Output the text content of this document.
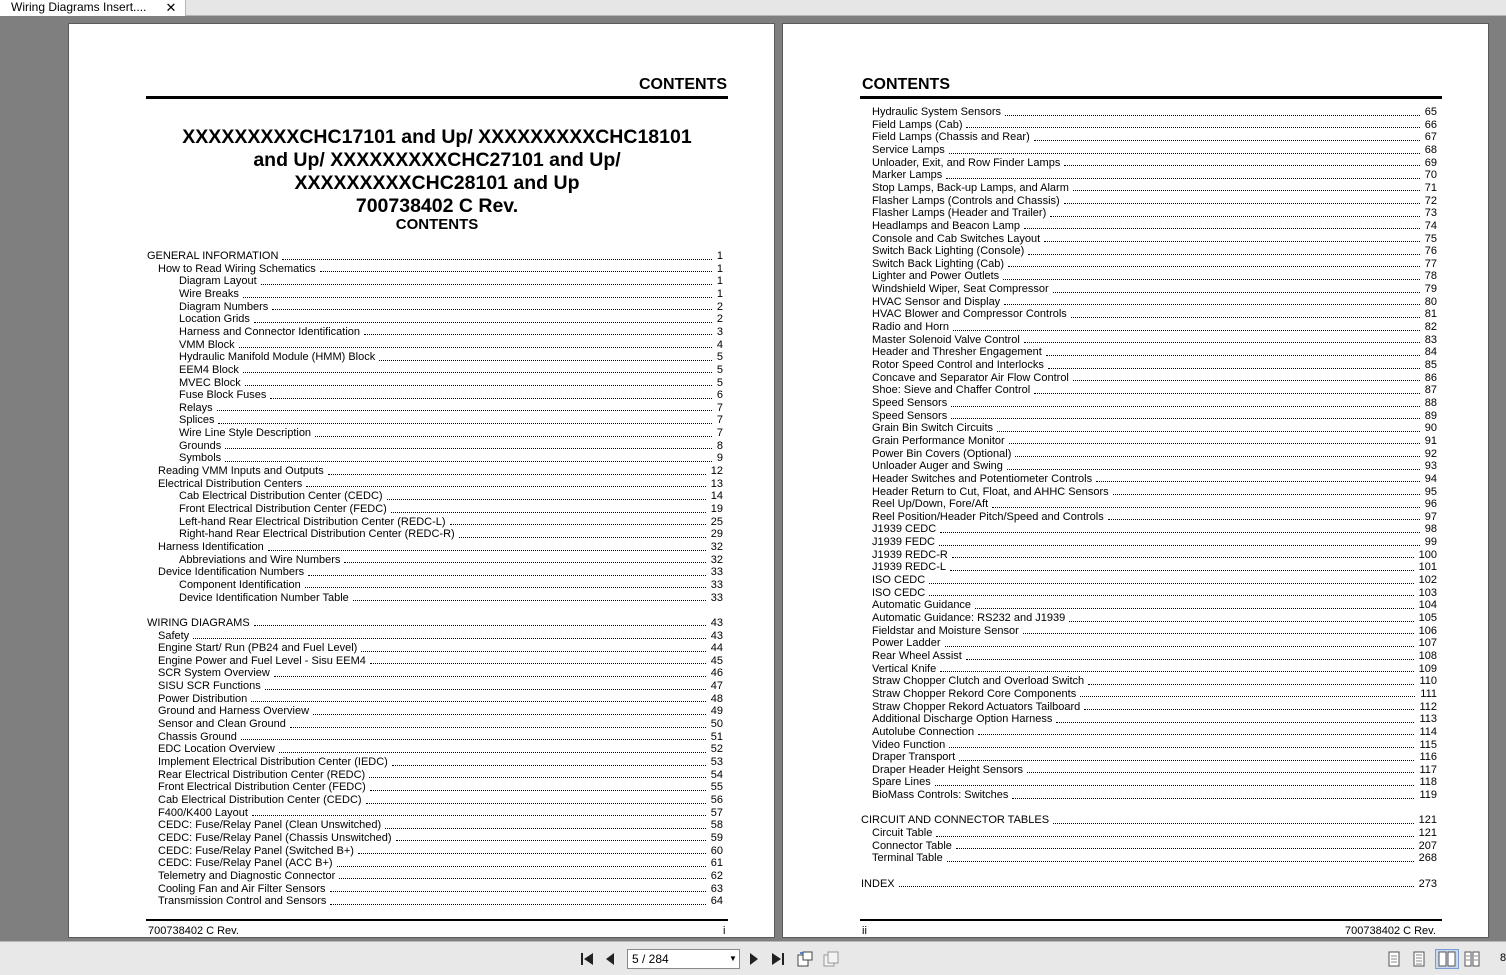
Wiring Diagrams Insert....	✕
CONTENTS
XXXXXXXXXCHC17101 and Up/ XXXXXXXXXCHC18101
and Up/ XXXXXXXXXCHC27101 and Up/
XXXXXXXXXCHC28101 and Up
700738402 C Rev.
CONTENTS
GENERAL INFORMATION	1
How to Read Wiring Schematics	1
Diagram Layout	1
Wire Breaks	1
Diagram Numbers	2
Location Grids	2
Harness and Connector Identification	3
VMM Block	4
Hydraulic Manifold Module (HMM) Block	5
EEM4 Block	5
MVEC Block	5
Fuse Block Fuses	6
Relays	7
Splices	7
Wire Line Style Description	7
Grounds	8
Symbols	9
Reading VMM Inputs and Outputs	12
Electrical Distribution Centers	13
Cab Electrical Distribution Center (CEDC)	14
Front Electrical Distribution Center (FEDC)	19
Left-hand Rear Electrical Distribution Center (REDC-L)	25
Right-hand Rear Electrical Distribution Center (REDC-R)	29
Harness Identification	32
Abbreviations and Wire Numbers	32
Device Identification Numbers	33
Component Identification	33
Device Identification Number Table	33
WIRING DIAGRAMS	43
Safety	43
Engine Start/ Run (PB24 and Fuel Level)	44
Engine Power and Fuel Level - Sisu EEM4	45
SCR System Overview	46
SISU SCR Functions	47
Power Distribution	48
Ground and Harness Overview	49
Sensor and Clean Ground	50
Chassis Ground	51
EDC Location Overview	52
Implement Electrical Distribution Center (IEDC)	53
Rear Electrical Distribution Center (REDC)	54
Front Electrical Distribution Center (FEDC)	55
Cab Electrical Distribution Center (CEDC)	56
F400/K400 Layout	57
CEDC: Fuse/Relay Panel (Clean Unswitched)	58
CEDC: Fuse/Relay Panel (Chassis Unswitched)	59
CEDC: Fuse/Relay Panel (Switched B+)	60
CEDC: Fuse/Relay Panel (ACC B+)	61
Telemetry and Diagnostic Connector	62
Cooling Fan and Air Filter Sensors	63
Transmission Control and Sensors	64
700738402 C Rev.	i
CONTENTS
Hydraulic System Sensors	65
Field Lamps (Cab)	66
Field Lamps (Chassis and Rear)	67
Service Lamps	68
Unloader, Exit, and Row Finder Lamps	69
Marker Lamps	70
Stop Lamps, Back-up Lamps, and Alarm	71
Flasher Lamps (Controls and Chassis)	72
Flasher Lamps (Header and Trailer)	73
Headlamps and Beacon Lamp	74
Console and Cab Switches Layout	75
Switch Back Lighting (Console)	76
Switch Back Lighting (Cab)	77
Lighter and Power Outlets	78
Windshield Wiper, Seat Compressor	79
HVAC Sensor and Display	80
HVAC Blower and Compressor Controls	81
Radio and Horn	82
Master Solenoid Valve Control	83
Header and Thresher Engagement	84
Rotor Speed Control and Interlocks	85
Concave and Separator Air Flow Control	86
Shoe: Sieve and Chaffer Control	87
Speed Sensors	88
Speed Sensors	89
Grain Bin Switch Circuits	90
Grain Performance Monitor	91
Power Bin Covers (Optional)	92
Unloader Auger and Swing	93
Header Switches and Potentiometer Controls	94
Header Return to Cut, Float, and AHHC Sensors	95
Reel Up/Down, Fore/Aft	96
Reel Position/Header Pitch/Speed and Controls	97
J1939 CEDC	98
J1939 FEDC	99
J1939 REDC-R	100
J1939 REDC-L	101
ISO CEDC	102
ISO CEDC	103
Automatic Guidance	104
Automatic Guidance: RS232 and J1939	105
Fieldstar and Moisture Sensor	106
Power Ladder	107
Rear Wheel Assist	108
Vertical Knife	109
Straw Chopper Clutch and Overload Switch	110
Straw Chopper Rekord Core Components	111
Straw Chopper Rekord Actuators Tailboard	112
Additional Discharge Option Harness	113
Autolube Connection	114
Video Function	115
Draper Transport	116
Draper Header Height Sensors	117
Spare Lines	118
BioMass Controls: Switches	119
CIRCUIT AND CONNECTOR TABLES	121
Circuit Table	121
Connector Table	207
Terminal Table	268
INDEX	273
ii	700738402 C Rev.
5 / 284	▼	8
